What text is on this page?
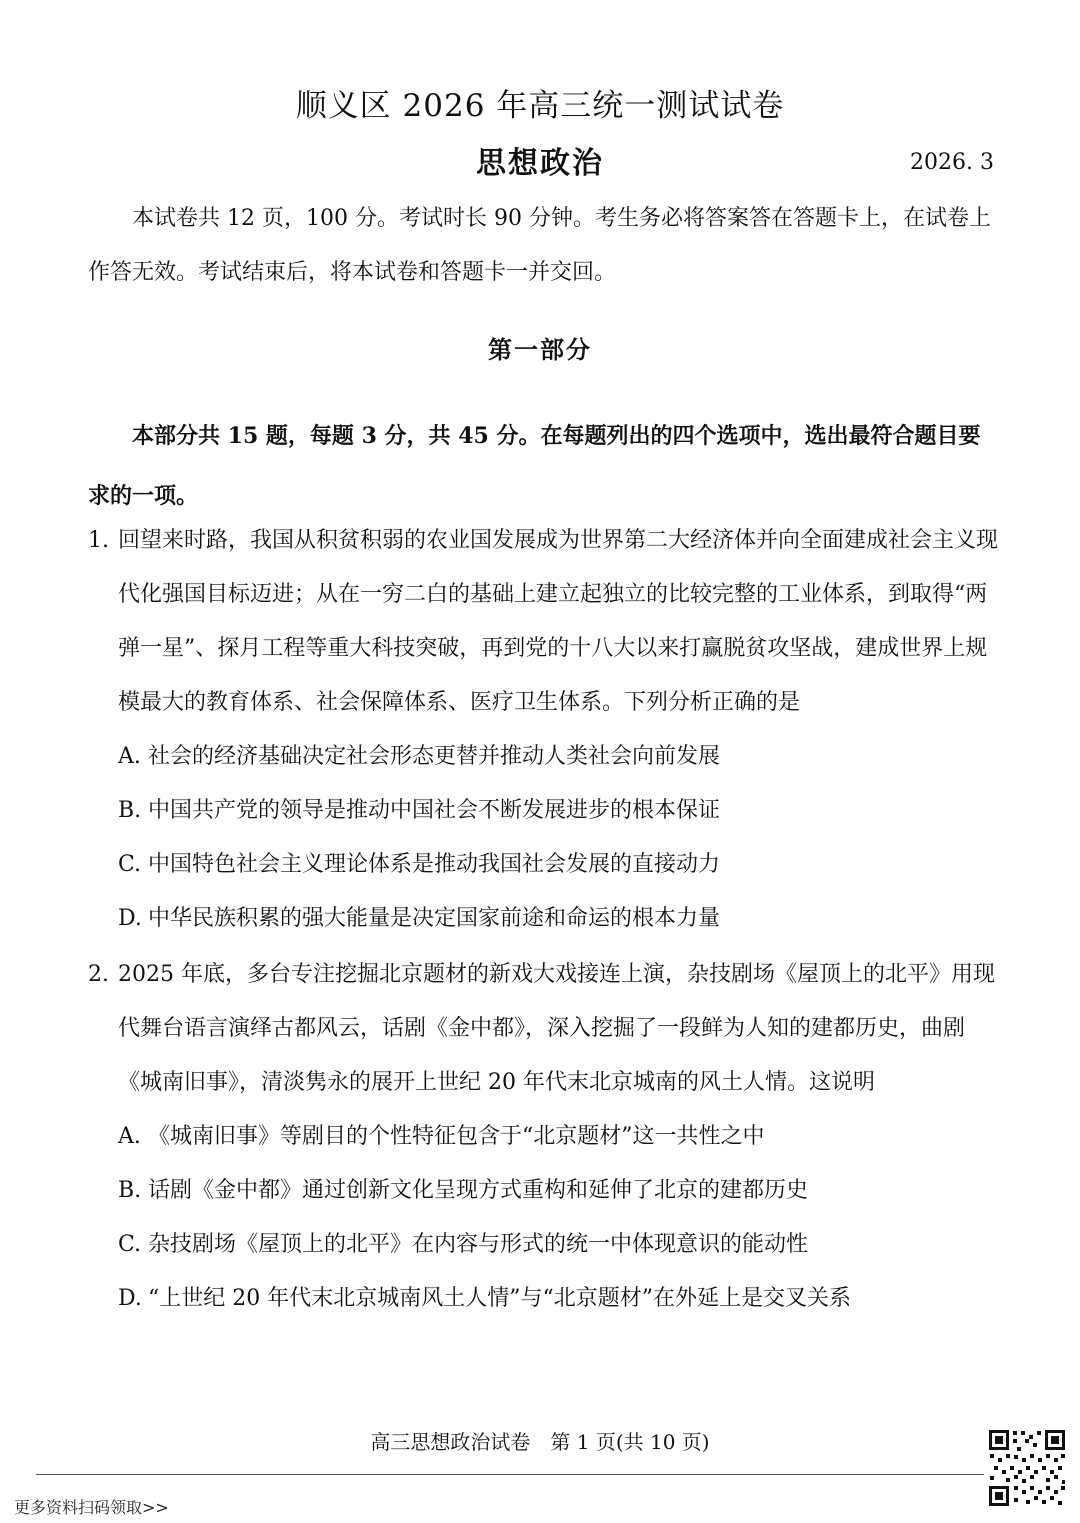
顺义区 2026 年高三统一测试试卷
思想政治	2026. 3
本试卷共 12 页，100 分。考试时长 90 分钟。考生务必将答案答在答题卡上，在试卷上作答无效。考试结束后，将本试卷和答题卡一并交回。
第一部分
本部分共 15 题，每题 3 分，共 45 分。在每题列出的四个选项中，选出最符合题目要求的一项。
1. 回望来时路，我国从积贫积弱的农业国发展成为世界第二大经济体并向全面建成社会主义现代化强国目标迈进；从在一穷二白的基础上建立起独立的比较完整的工业体系，到取得“两弹一星”、探月工程等重大科技突破，再到党的十八大以来打赢脱贫攻坚战，建成世界上规模最大的教育体系、社会保障体系、医疗卫生体系。下列分析正确的是
A. 社会的经济基础决定社会形态更替并推动人类社会向前发展
B. 中国共产党的领导是推动中国社会不断发展进步的根本保证
C. 中国特色社会主义理论体系是推动我国社会发展的直接动力
D. 中华民族积累的强大能量是决定国家前途和命运的根本力量
2. 2025 年底，多台专注挖掘北京题材的新戏大戏接连上演，杂技剧场《屋顶上的北平》用现代舞台语言演绎古都风云，话剧《金中都》，深入挖掘了一段鲜为人知的建都历史，曲剧《城南旧事》，清淡隽永的展开上世纪 20 年代末北京城南的风土人情。这说明
A. 《城南旧事》等剧目的个性特征包含于“北京题材”这一共性之中
B. 话剧《金中都》通过创新文化呈现方式重构和延伸了北京的建都历史
C. 杂技剧场《屋顶上的北平》在内容与形式的统一中体现意识的能动性
D. “上世纪 20 年代末北京城南风土人情”与“北京题材”在外延上是交叉关系
高三思想政治试卷　第 1 页(共 10 页)
更多资料扫码领取>>
